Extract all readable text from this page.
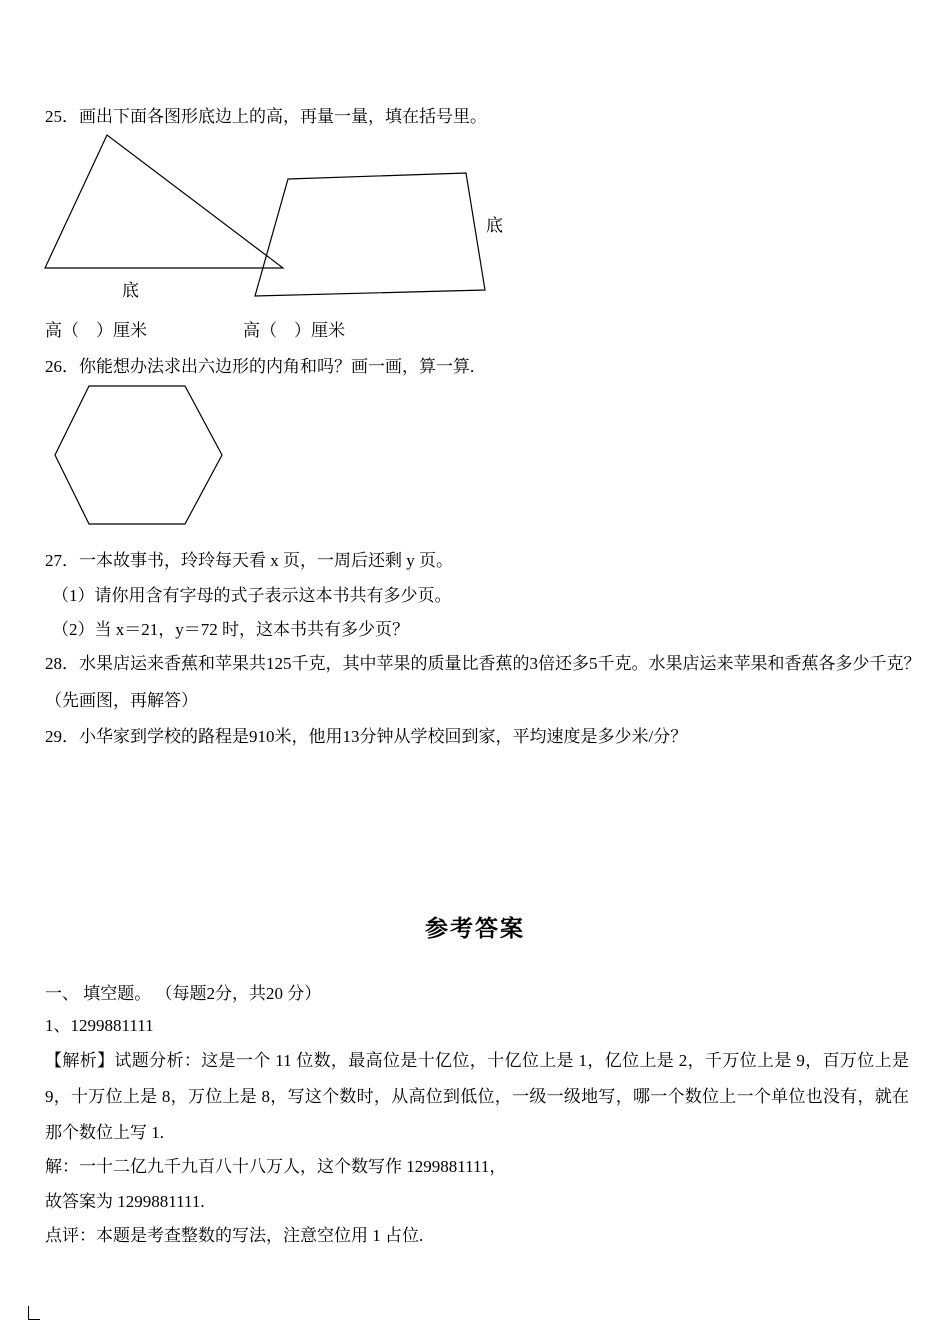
25．画出下面各图形底边上的高，再量一量，填在括号里。
底
底
高（　）厘米	高（　）厘米
26．你能想办法求出六边形的内角和吗？画一画，算一算.
27．一本故事书，玲玲每天看 x 页，一周后还剩 y 页。
（1）请你用含有字母的式子表示这本书共有多少页。
（2）当 x＝21，y＝72 时，这本书共有多少页？
28．水果店运来香蕉和苹果共125千克，其中苹果的质量比香蕉的3倍还多5千克。水果店运来苹果和香蕉各多少千克？
（先画图，再解答）
29．小华家到学校的路程是910米，他用13分钟从学校回到家，平均速度是多少米/分？
参考答案
一、 填空题。 （每题2分，共20 分）
1、1299881111
【解析】试题分析：这是一个 11 位数，最高位是十亿位，十亿位上是 1，亿位上是 2，千万位上是 9，百万位上是 9，十万位上是 8，万位上是 8，写这个数时，从高位到低位，一级一级地写，哪一个数位上一个单位也没有，就在那个数位上写 1.
解：一十二亿九千九百八十八万人，这个数写作 1299881111，
故答案为 1299881111.
点评：本题是考查整数的写法，注意空位用 1 占位.
